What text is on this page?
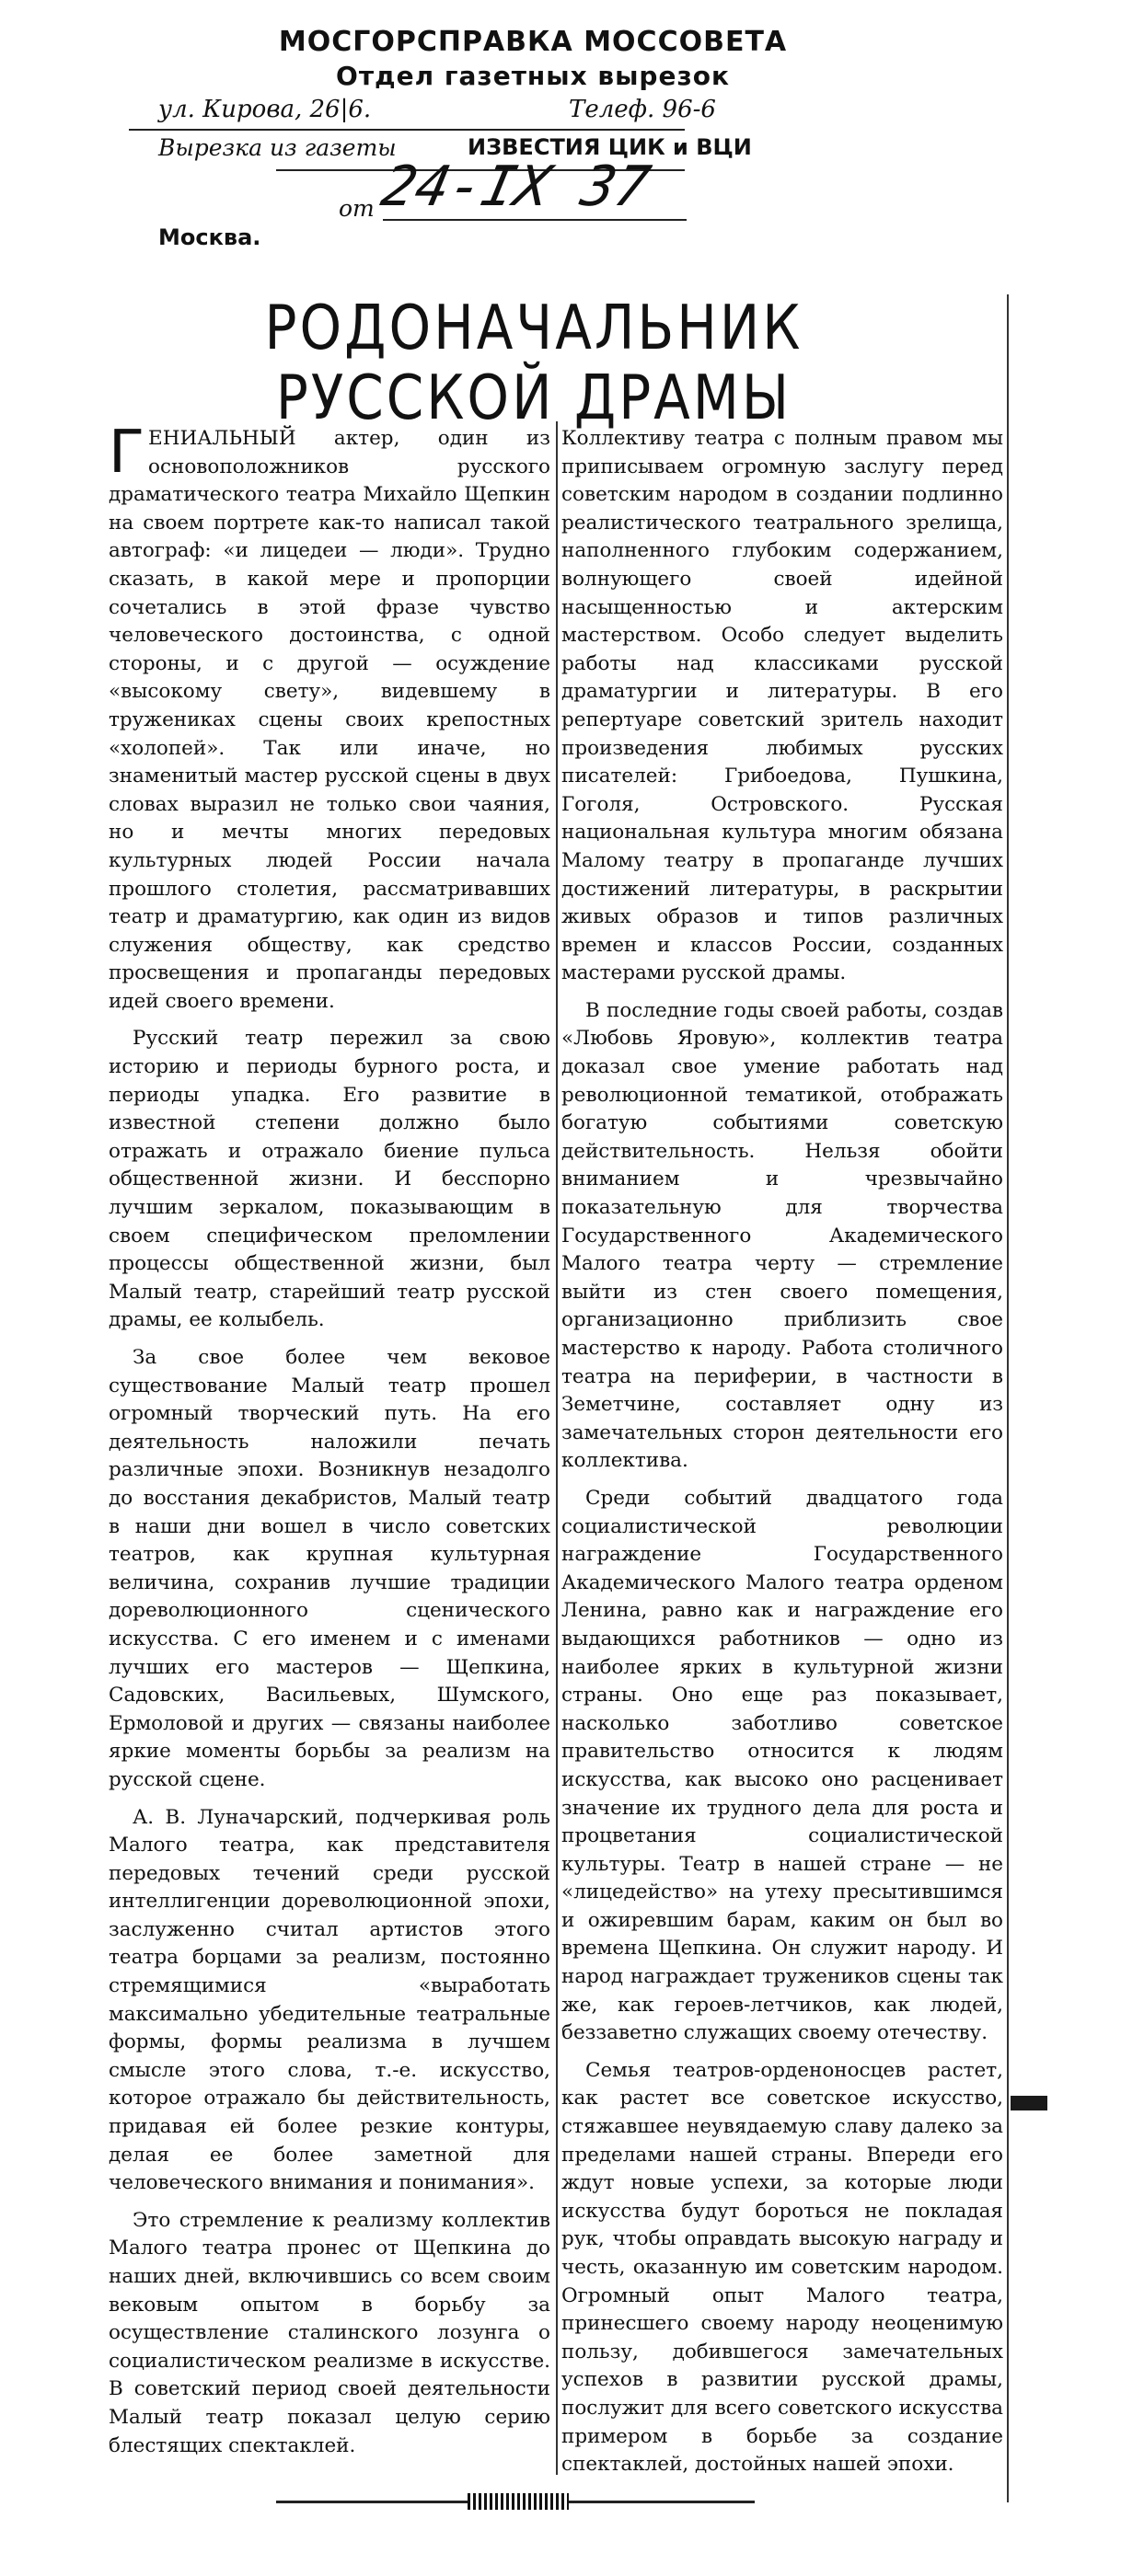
МОСГОРСПРАВКА МОССОВЕТА
Отдел газетных вырезок
ул. Кирова, 26|6.	Телеф. 96-6
Вырезка из газеты	ИЗВЕСТИЯ ЦИК и ВЦИ
от 24-IX 37
Москва.
РОДОНАЧАЛЬНИК
РУССКОЙ ДРАМЫ

ГЕНИАЛЬНЫЙ актер, один из основоположников русского драматического театра Михайло Щепкин на своем портрете как-то написал такой автограф: «и лицедеи — люди». Трудно сказать, в какой мере и пропорции сочетались в этой фразе чувство человеческого достоинства, с одной стороны, и с другой — осуждение «высокому свету», видевшему в тружениках сцены своих крепостных «холопей». Так или иначе, но знаменитый мастер русской сцены в двух словах выразил не только свои чаяния, но и мечты многих передовых культурных людей России начала прошлого столетия, рассматривавших театр и драматургию, как один из видов служения обществу, как средство просвещения и пропаганды передовых идей своего времени.

Русский театр пережил за свою историю и периоды бурного роста, и периоды упадка. Его развитие в известной степени должно было отражать и отражало биение пульса общественной жизни. И бесспорно лучшим зеркалом, показывающим в своем специфическом преломлении процессы общественной жизни, был Малый театр, старейший театр русской драмы, ее колыбель.

За свое более чем вековое существование Малый театр прошел огромный творческий путь. На его деятельность наложили печать различные эпохи. Возникнув незадолго до восстания декабристов, Малый театр в наши дни вошел в число советских театров, как крупная культурная величина, сохранив лучшие традиции дореволюционного сценического искусства. С его именем и с именами лучших его мастеров — Щепкина, Садовских, Васильевых, Шумского, Ермоловой и других — связаны наиболее яркие моменты борьбы за реализм на русской сцене.

А. В. Луначарский, подчеркивая роль Малого театра, как представителя передовых течений среди русской интеллигенции дореволюционной эпохи, заслуженно считал артистов этого театра борцами за реализм, постоянно стремящимися «выработать максимально убедительные театральные формы, формы реализма в лучшем смысле этого слова, т.-е. искусство, которое отражало бы действительность, придавая ей более резкие контуры, делая ее более заметной для человеческого внимания и понимания».

Это стремление к реализму коллектив Малого театра пронес от Щепкина до наших дней, включившись со всем своим вековым опытом в борьбу за осуществление сталинского лозунга о социалистическом реализме в искусстве. В советский период своей деятельности Малый театр показал целую серию блестящих спектаклей.

Коллективу театра с полным правом мы приписываем огромную заслугу перед советским народом в создании подлинно реалистического театрального зрелища, наполненного глубоким содержанием, волнующего своей идейной насыщенностью и актерским мастерством. Особо следует выделить работы над классиками русской драматургии и литературы. В его репертуаре советский зритель находит произведения любимых русских писателей: Грибоедова, Пушкина, Гоголя, Островского. Русская национальная культура многим обязана Малому театру в пропаганде лучших достижений литературы, в раскрытии живых образов и типов различных времен и классов России, созданных мастерами русской драмы.

В последние годы своей работы, создав «Любовь Яровую», коллектив театра доказал свое умение работать над революционной тематикой, отображать богатую событиями советскую действительность. Нельзя обойти вниманием и чрезвычайно показательную для творчества Государственного Академического Малого театра черту — стремление выйти из стен своего помещения, организационно приблизить свое мастерство к народу. Работа столичного театра на периферии, в частности в Земетчине, составляет одну из замечательных сторон деятельности его коллектива.

Среди событий двадцатого года социалистической революции награждение Государственного Академического Малого театра орденом Ленина, равно как и награждение его выдающихся работников — одно из наиболее ярких в культурной жизни страны. Оно еще раз показывает, насколько заботливо советское правительство относится к людям искусства, как высоко оно расценивает значение их трудного дела для роста и процветания социалистической культуры. Театр в нашей стране — не «лицедейство» на утеху пресытившимся и ожиревшим барам, каким он был во времена Щепкина. Он служит народу. И народ награждает тружеников сцены так же, как героев-летчиков, как людей, беззаветно служащих своему отечеству.

Семья театров-орденоносцев растет, как растет все советское искусство, стяжавшее неувядаемую славу далеко за пределами нашей страны. Впереди его ждут новые успехи, за которые люди искусства будут бороться не покладая рук, чтобы оправдать высокую награду и честь, оказанную им советским народом. Огромный опыт Малого театра, принесшего своему народу неоценимую пользу, добившегося замечательных успехов в развитии русской драмы, послужит для всего советского искусства примером в борьбе за создание спектаклей, достойных нашей эпохи.
